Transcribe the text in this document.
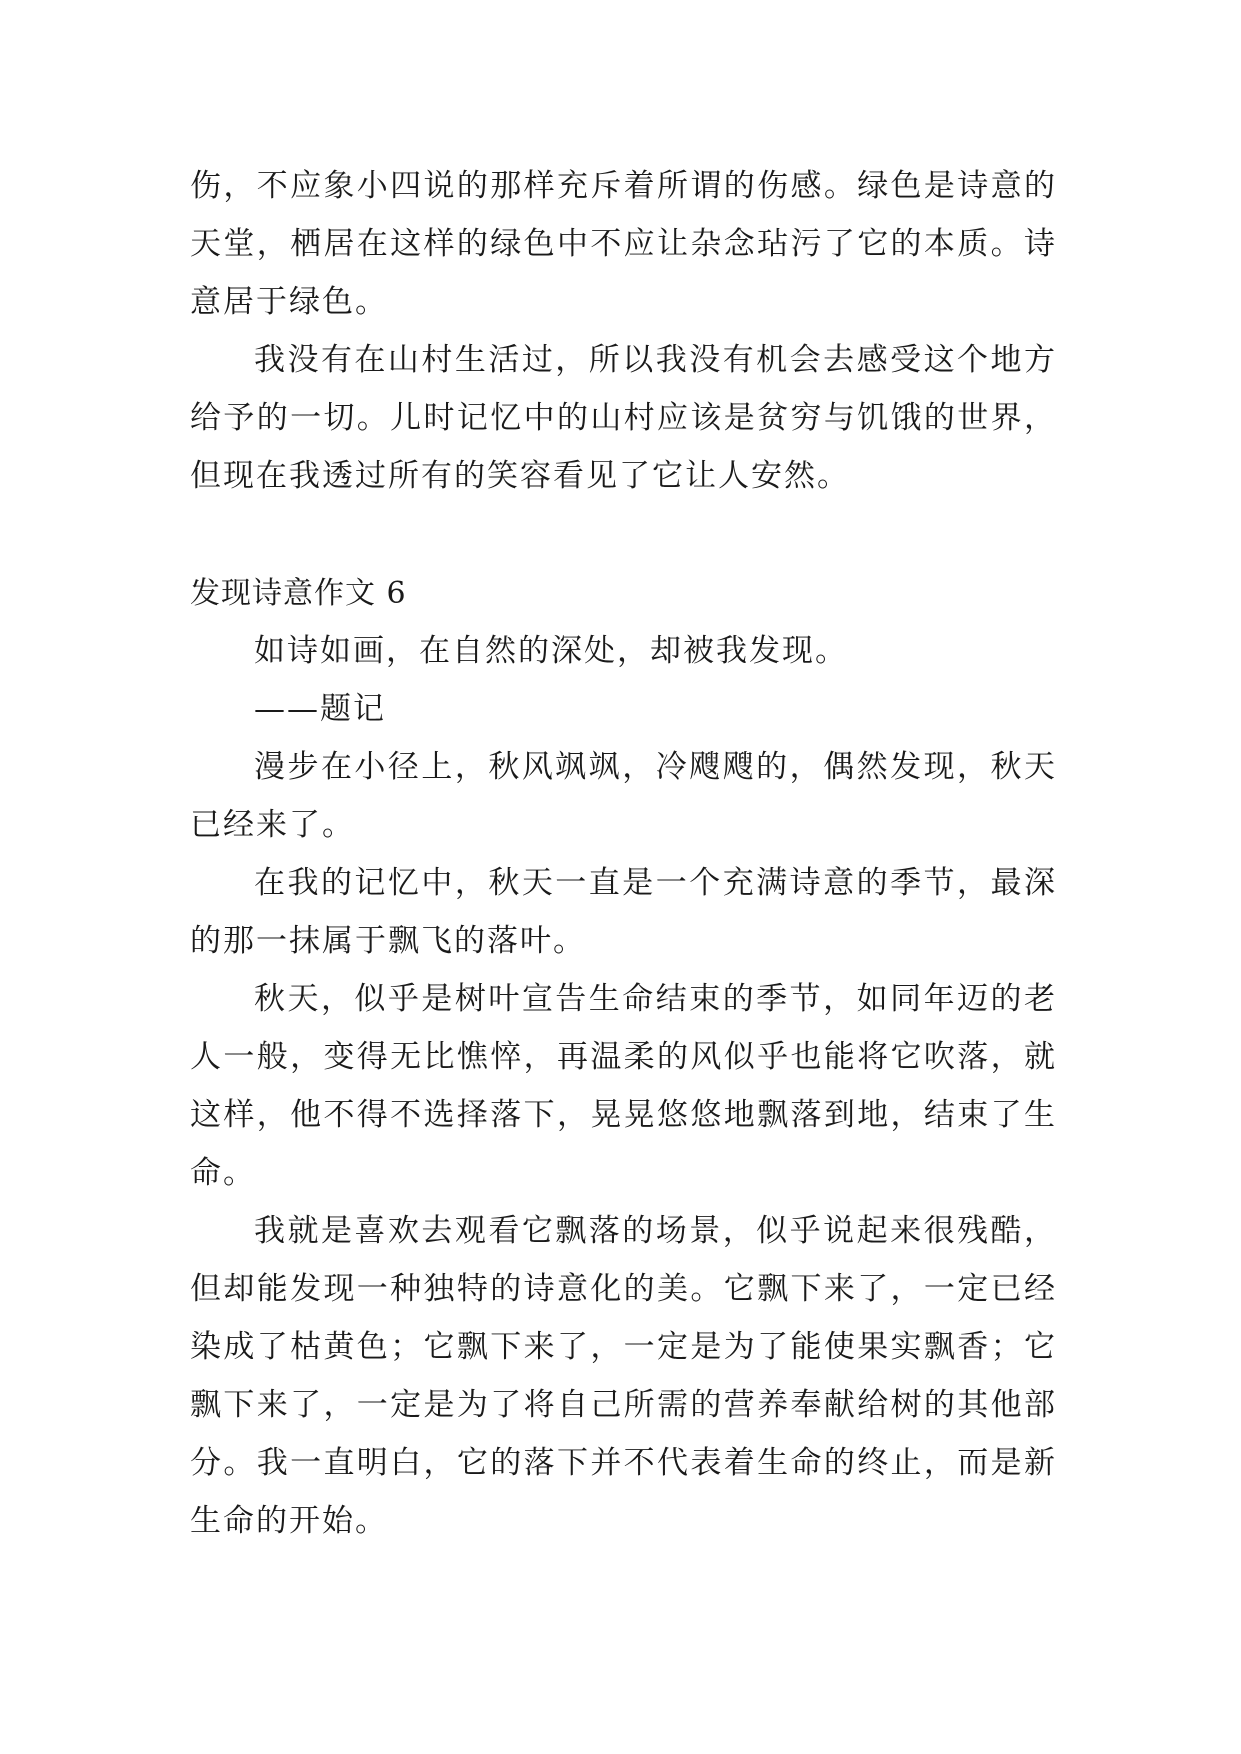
伤，不应象小四说的那样充斥着所谓的伤感。绿色是诗意的
天堂，栖居在这样的绿色中不应让杂念玷污了它的本质。诗
意居于绿色。
我没有在山村生活过，所以我没有机会去感受这个地方
给予的一切。儿时记忆中的山村应该是贫穷与饥饿的世界，
但现在我透过所有的笑容看见了它让人安然。
发现诗意作文 6
如诗如画，在自然的深处，却被我发现。
——题记
漫步在小径上，秋风飒飒，冷飕飕的，偶然发现，秋天
已经来了。
在我的记忆中，秋天一直是一个充满诗意的季节，最深
的那一抹属于飘飞的落叶。
秋天，似乎是树叶宣告生命结束的季节，如同年迈的老
人一般，变得无比憔悴，再温柔的风似乎也能将它吹落，就
这样，他不得不选择落下，晃晃悠悠地飘落到地，结束了生
命。
我就是喜欢去观看它飘落的场景，似乎说起来很残酷，
但却能发现一种独特的诗意化的美。它飘下来了，一定已经
染成了枯黄色；它飘下来了，一定是为了能使果实飘香；它
飘下来了，一定是为了将自己所需的营养奉献给树的其他部
分。我一直明白，它的落下并不代表着生命的终止，而是新
生命的开始。
